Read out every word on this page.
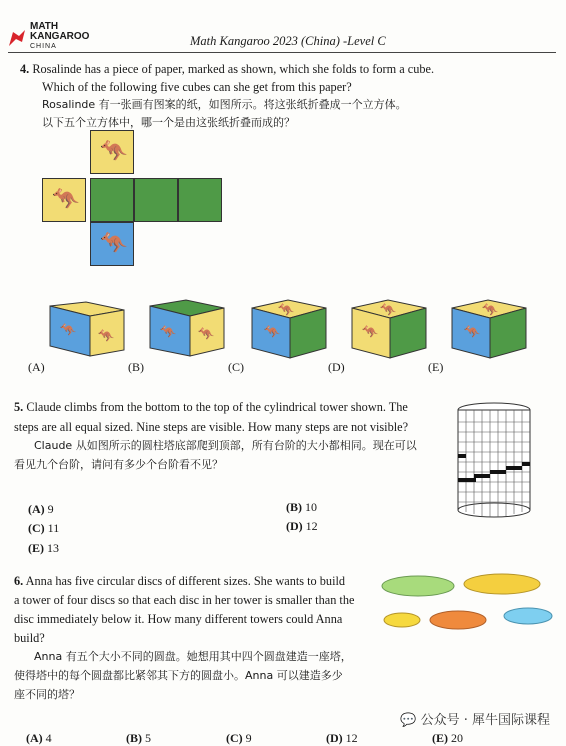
MATH
KANGAROO
CHINA	Math Kangaroo 2023 (China) -Level C
4. Rosalinde has a piece of paper, marked as shown, which she folds to form a cube.
Which of the following five cubes can she get from this paper?
Rosalinde 有一张画有图案的纸，如图所示。将这张纸折叠成一个立方体。
以下五个立方体中，哪一个是由这张纸折叠而成的？
🦘
🦘
🦘
🦘
🦘 🦘	🦘 🦘	🦘
🦘
🦘
🦘
🦘
🦘
(A)	(B)	(C)	(D)	(E)
5. Claude climbs from the bottom to the top of the cylindrical tower shown. The
steps are all equal sized. Nine steps are visible. How many steps are not visible?
Claude 从如图所示的圆柱塔底部爬到顶部，所有台阶的大小都相同。现在可以
看见九个台阶，请问有多少个台阶看不见？
(A) 9	(B) 10
(C) 11	(D) 12
(E) 13
6. Anna has five circular discs of different sizes. She wants to build
a tower of four discs so that each disc in her tower is smaller than the
disc immediately below it. How many different towers could Anna
build?
Anna 有五个大小不同的圆盘。她想用其中四个圆盘建造一座塔，
使得塔中的每个圆盘都比紧邻其下方的圆盘小。Anna 可以建造多少
座不同的塔？
(A) 4	(B) 5	(C) 9	(D) 12	(E) 20
💬 公众号 · 犀牛国际课程
